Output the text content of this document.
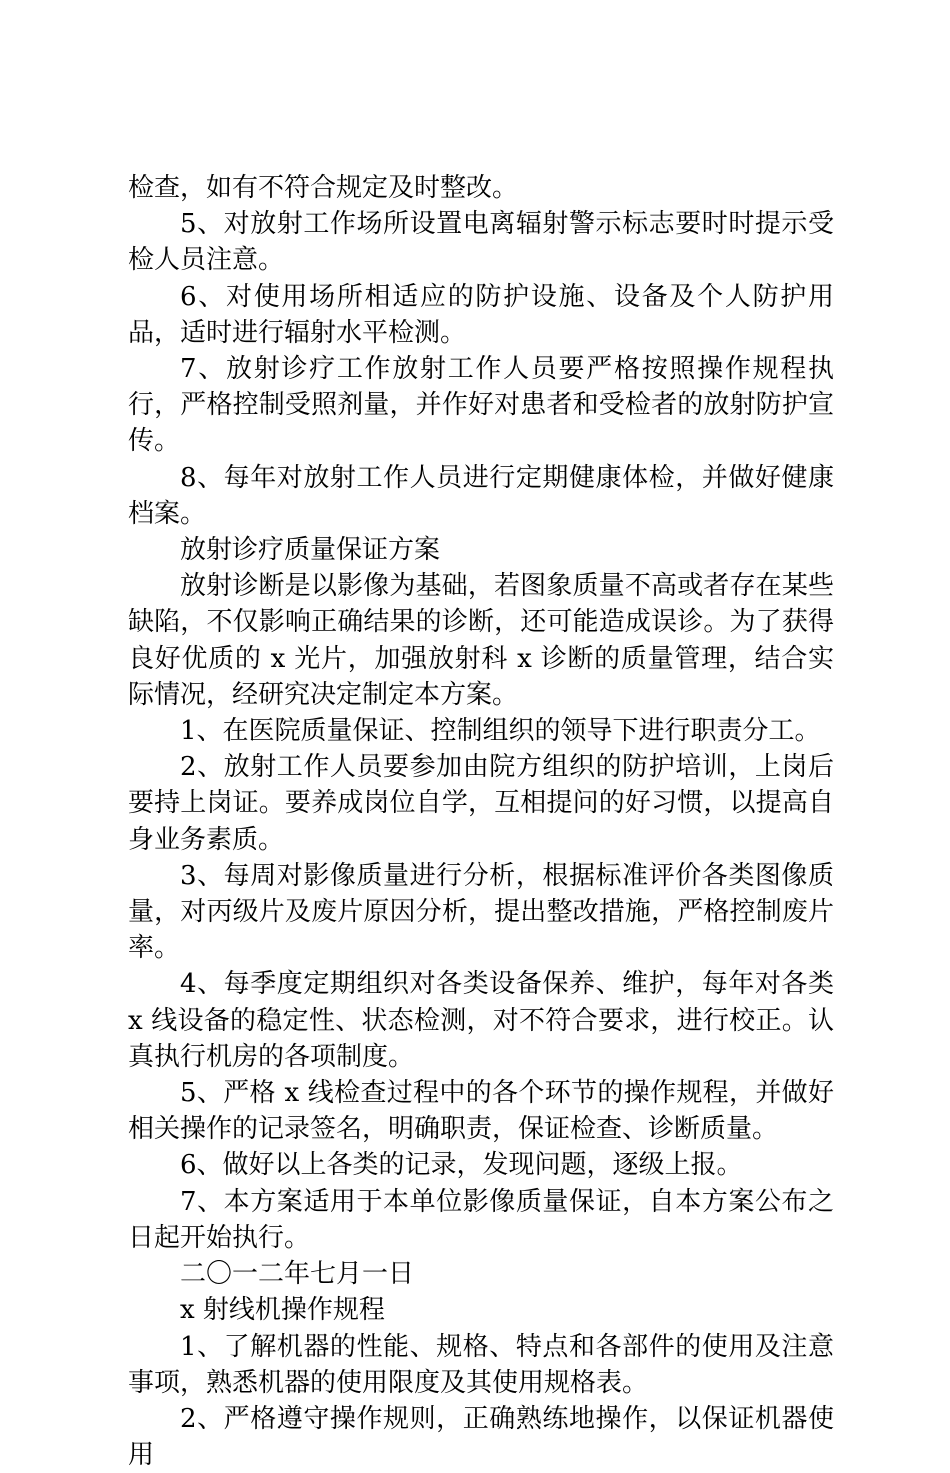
检查，如有不符合规定及时整改。

5、对放射工作场所设置电离辐射警示标志要时时提示受检人员注意。

6、对使用场所相适应的防护设施、设备及个人防护用品，适时进行辐射水平检测。

7、放射诊疗工作放射工作人员要严格按照操作规程执行，严格控制受照剂量，并作好对患者和受检者的放射防护宣传。

8、每年对放射工作人员进行定期健康体检，并做好健康档案。

放射诊疗质量保证方案

放射诊断是以影像为基础，若图象质量不高或者存在某些缺陷，不仅影响正确结果的诊断，还可能造成误诊。为了获得良好优质的 x 光片，加强放射科 x 诊断的质量管理，结合实际情况，经研究决定制定本方案。

1、在医院质量保证、控制组织的领导下进行职责分工。

2、放射工作人员要参加由院方组织的防护培训，上岗后要持上岗证。要养成岗位自学，互相提问的好习惯，以提高自身业务素质。

3、每周对影像质量进行分析，根据标准评价各类图像质量，对丙级片及废片原因分析，提出整改措施，严格控制废片率。

4、每季度定期组织对各类设备保养、维护，每年对各类 x 线设备的稳定性、状态检测，对不符合要求，进行校正。认真执行机房的各项制度。

5、严格 x 线检查过程中的各个环节的操作规程，并做好相关操作的记录签名，明确职责，保证检查、诊断质量。

6、做好以上各类的记录，发现问题，逐级上报。

7、本方案适用于本单位影像质量保证，自本方案公布之日起开始执行。

二〇一二年七月一日

x 射线机操作规程

1、了解机器的性能、规格、特点和各部件的使用及注意事项，熟悉机器的使用限度及其使用规格表。

2、严格遵守操作规则，正确熟练地操作，以保证机器使用
